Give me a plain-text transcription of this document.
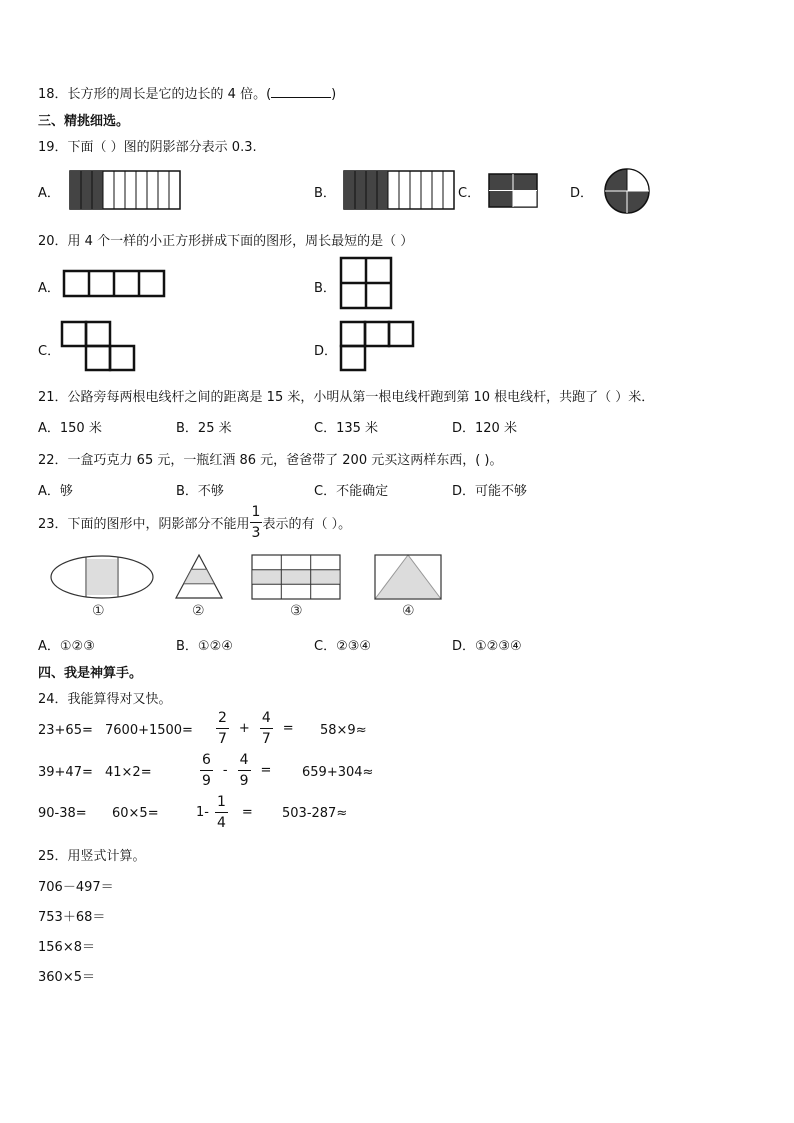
18．长方形的周长是它的边长的 4 倍。(	)
三、精挑细选。
19．下面（ ）图的阴影部分表示 0.3.
A．	B．	C．	D．
20．用 4 个一样的小正方形拼成下面的图形，周长最短的是（ ）
A．	B．
C．	D．
21．公路旁每两根电线杆之间的距离是 15 米，小明从第一根电线杆跑到第 10 根电线杆，共跑了（ ）米．
A．150 米	B．25 米	C．135 米	D．120 米
22．一盒巧克力 65 元，一瓶红酒 86 元，爸爸带了 200 元买这两样东西，( )。
A．够	B．不够	C．不能确定	D．可能不够
23．下面的图形中，阴影部分不能用 $\frac{1}{3}$ 表示的有（ ）。
①	②	③	④
A．①②③	B．①②④	C．②③④	D．①②③④
四、我是神算手。
24．我能算得对又快。
$23+65= 7600+1500= \frac{2}{7} + \frac{4}{7} = 58\times 9\approx$
39+47= 41×2=	$\frac{6}{9} - \frac{4}{9} = 659+304\approx$
90-38= 60×5=	$1- \frac{1}{4} = 503-287\approx$
25．用竖式计算。
706－497＝
753＋68＝
156×8＝
360×5＝
